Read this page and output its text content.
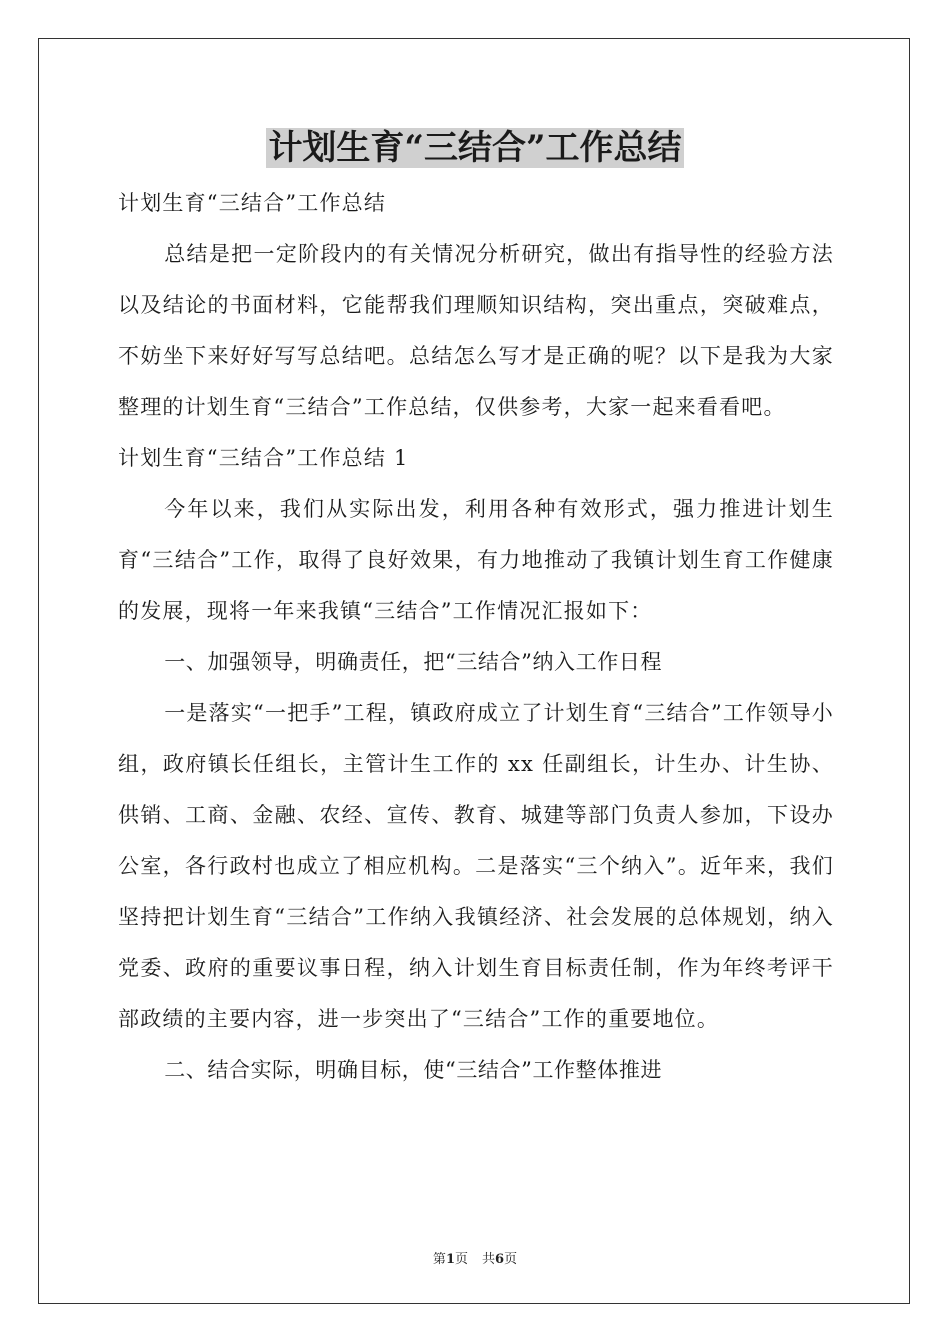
计划生育“三结合”工作总结

计划生育“三结合”工作总结

总结是把一定阶段内的有关情况分析研究，做出有指导性的经验方法以及结论的书面材料，它能帮我们理顺知识结构，突出重点，突破难点，不妨坐下来好好写写总结吧。总结怎么写才是正确的呢？以下是我为大家整理的计划生育“三结合”工作总结，仅供参考，大家一起来看看吧。

计划生育“三结合”工作总结 1

今年以来，我们从实际出发，利用各种有效形式，强力推进计划生育“三结合”工作，取得了良好效果，有力地推动了我镇计划生育工作健康的发展，现将一年来我镇“三结合”工作情况汇报如下：

一、加强领导，明确责任，把“三结合”纳入工作日程

一是落实“一把手”工程，镇政府成立了计划生育“三结合”工作领导小组，政府镇长任组长，主管计生工作的 xx 任副组长，计生办、计生协、供销、工商、金融、农经、宣传、教育、城建等部门负责人参加，下设办公室，各行政村也成立了相应机构。二是落实“三个纳入”。近年来，我们坚持把计划生育“三结合”工作纳入我镇经济、社会发展的总体规划，纳入党委、政府的重要议事日程，纳入计划生育目标责任制，作为年终考评干部政绩的主要内容，进一步突出了“三结合”工作的重要地位。

二、结合实际，明确目标，使“三结合”工作整体推进

第1页 共6页
